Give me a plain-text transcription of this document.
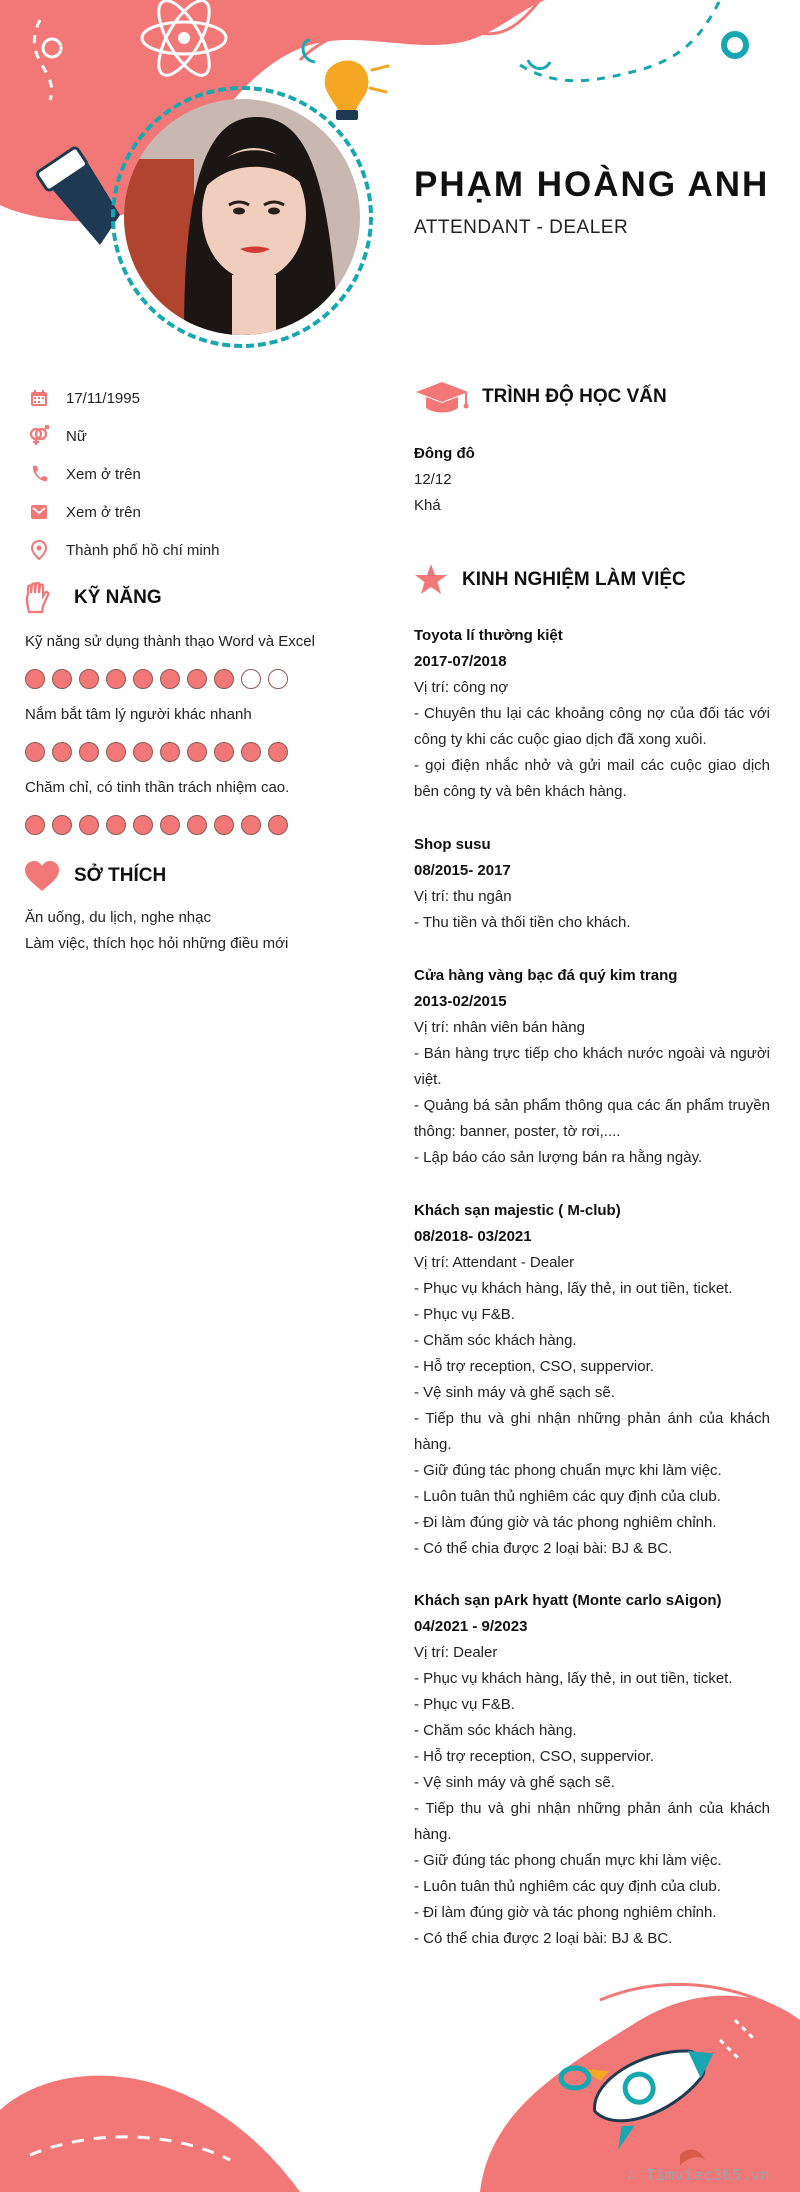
PHẠM HOÀNG ANH
ATTENDANT - DEALER
17/11/1995
Nữ
Xem ở trên
Xem ở trên
Thành phố hồ chí minh
KỸ NĂNG
Kỹ năng sử dụng thành thạo Word và Excel
Nắm bắt tâm lý người khác nhanh
Chăm chỉ, có tinh thần trách nhiệm cao.
SỞ THÍCH
Ăn uống, du lịch, nghe nhạc
Làm việc, thích học hỏi những điều mới
TRÌNH ĐỘ HỌC VẤN
Đông đô
12/12
Khá
KINH NGHIỆM LÀM VIỆC
Toyota lí thường kiệt
2017-07/2018
Vị trí: công nợ
- Chuyên thu lại các khoảng công nợ của đối tác với công ty khi các cuộc giao dịch đã xong xuôi.
- gọi điện nhắc nhở và gửi mail các cuộc giao dịch bên công ty và bên khách hàng.
Shop susu
08/2015- 2017
Vị trí: thu ngân
- Thu tiền và thối tiền cho khách.
Cửa hàng vàng bạc đá quý kim trang
2013-02/2015
Vị trí: nhân viên bán hàng
- Bán hàng trực tiếp cho khách nước ngoài và người việt.
- Quảng bá sản phẩm thông qua các ấn phẩm truyền thông: banner, poster, tờ rơi,....
- Lập báo cáo sản lượng bán ra hằng ngày.
Khách sạn majestic ( M-club)
08/2018- 03/2021
Vị trí: Attendant - Dealer
- Phục vụ khách hàng, lấy thẻ, in out tiền, ticket.
- Phục vụ F&B.
- Chăm sóc khách hàng.
- Hỗ trợ reception, CSO, suppervior.
- Vệ sinh máy và ghế sạch sẽ.
- Tiếp thu và ghi nhận những phản ánh của khách hàng.
- Giữ đúng tác phong chuẩn mực khi làm việc.
- Luôn tuân thủ nghiêm các quy định của club.
- Đi làm đúng giờ và tác phong nghiêm chỉnh.
- Có thể chia được 2 loại bài: BJ & BC.
Khách sạn pArk hyatt (Monte carlo sAigon)
04/2021 - 9/2023
Vị trí: Dealer
- Phục vụ khách hàng, lấy thẻ, in out tiền, ticket.
- Phục vụ F&B.
- Chăm sóc khách hàng.
- Hỗ trợ reception, CSO, suppervior.
- Vệ sinh máy và ghế sạch sẽ.
- Tiếp thu và ghi nhận những phản ánh của khách hàng.
- Giữ đúng tác phong chuẩn mực khi làm việc.
- Luôn tuân thủ nghiêm các quy định của club.
- Đi làm đúng giờ và tác phong nghiêm chỉnh.
- Có thể chia được 2 loại bài: BJ & BC.
∴ Timviec365.vn
